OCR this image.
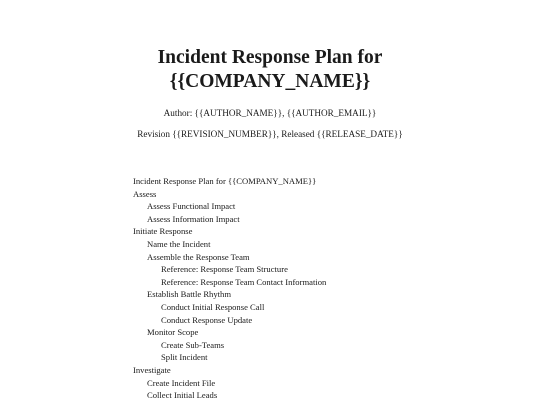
Incident Response Plan for
{{COMPANY_NAME}}
Author: {{AUTHOR_NAME}}, {{AUTHOR_EMAIL}}
Revision {{REVISION_NUMBER}}, Released {{RELEASE_DATE}}
Incident Response Plan for {{COMPANY_NAME}}
Assess
Assess Functional Impact
Assess Information Impact
Initiate Response
Name the Incident
Assemble the Response Team
Reference: Response Team Structure
Reference: Response Team Contact Information
Establish Battle Rhythm
Conduct Initial Response Call
Conduct Response Update
Monitor Scope
Create Sub-Teams
Split Incident
Investigate
Create Incident File
Collect Initial Leads
